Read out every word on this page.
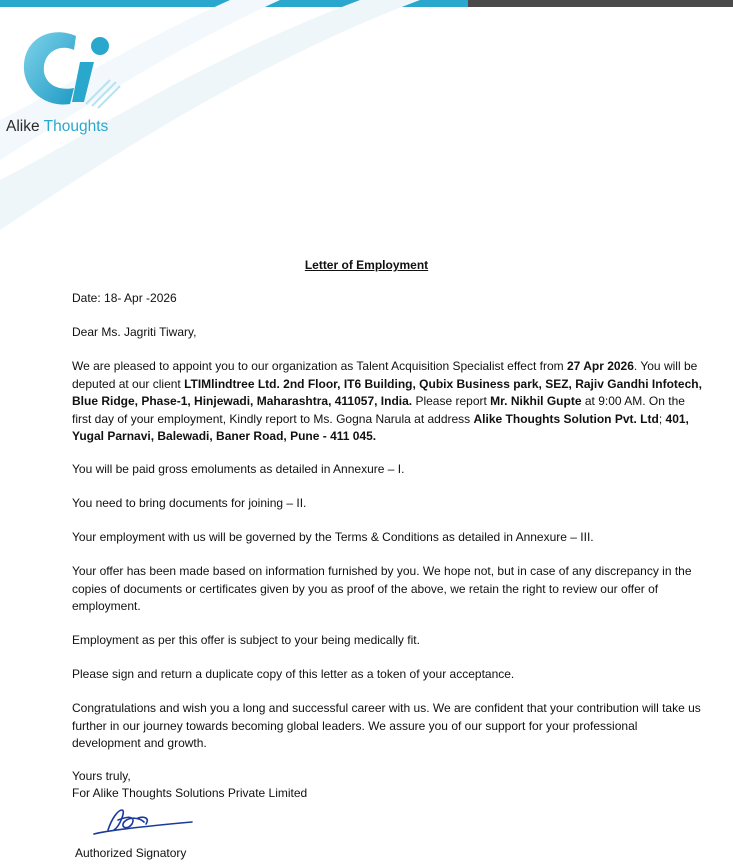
Alike Thoughts
Letter of Employment

Date: 18- Apr -2026

Dear Ms. Jagriti Tiwary,

We are pleased to appoint you to our organization as Talent Acquisition Specialist effect from 27 Apr 2026. You will be deputed at our client LTIMlindtree Ltd. 2nd Floor, IT6 Building, Qubix Business park, SEZ, Rajiv Gandhi Infotech, Blue Ridge, Phase-1, Hinjewadi, Maharashtra, 411057, India. Please report Mr. Nikhil Gupte at 9:00 AM. On the first day of your employment, Kindly report to Ms. Gogna Narula at address Alike Thoughts Solution Pvt. Ltd; 401, Yugal Parnavi, Balewadi, Baner Road, Pune - 411 045.

You will be paid gross emoluments as detailed in Annexure – I.

You need to bring documents for joining – II.

Your employment with us will be governed by the Terms & Conditions as detailed in Annexure – III.

Your offer has been made based on information furnished by you. We hope not, but in case of any discrepancy in the copies of documents or certificates given by you as proof of the above, we retain the right to review our offer of employment.

Employment as per this offer is subject to your being medically fit.

Please sign and return a duplicate copy of this letter as a token of your acceptance.

Congratulations and wish you a long and successful career with us. We are confident that your contribution will take us further in our journey towards becoming global leaders. We assure you of our support for your professional development and growth.

Yours truly,

For Alike Thoughts Solutions Private Limited

Authorized Signatory
